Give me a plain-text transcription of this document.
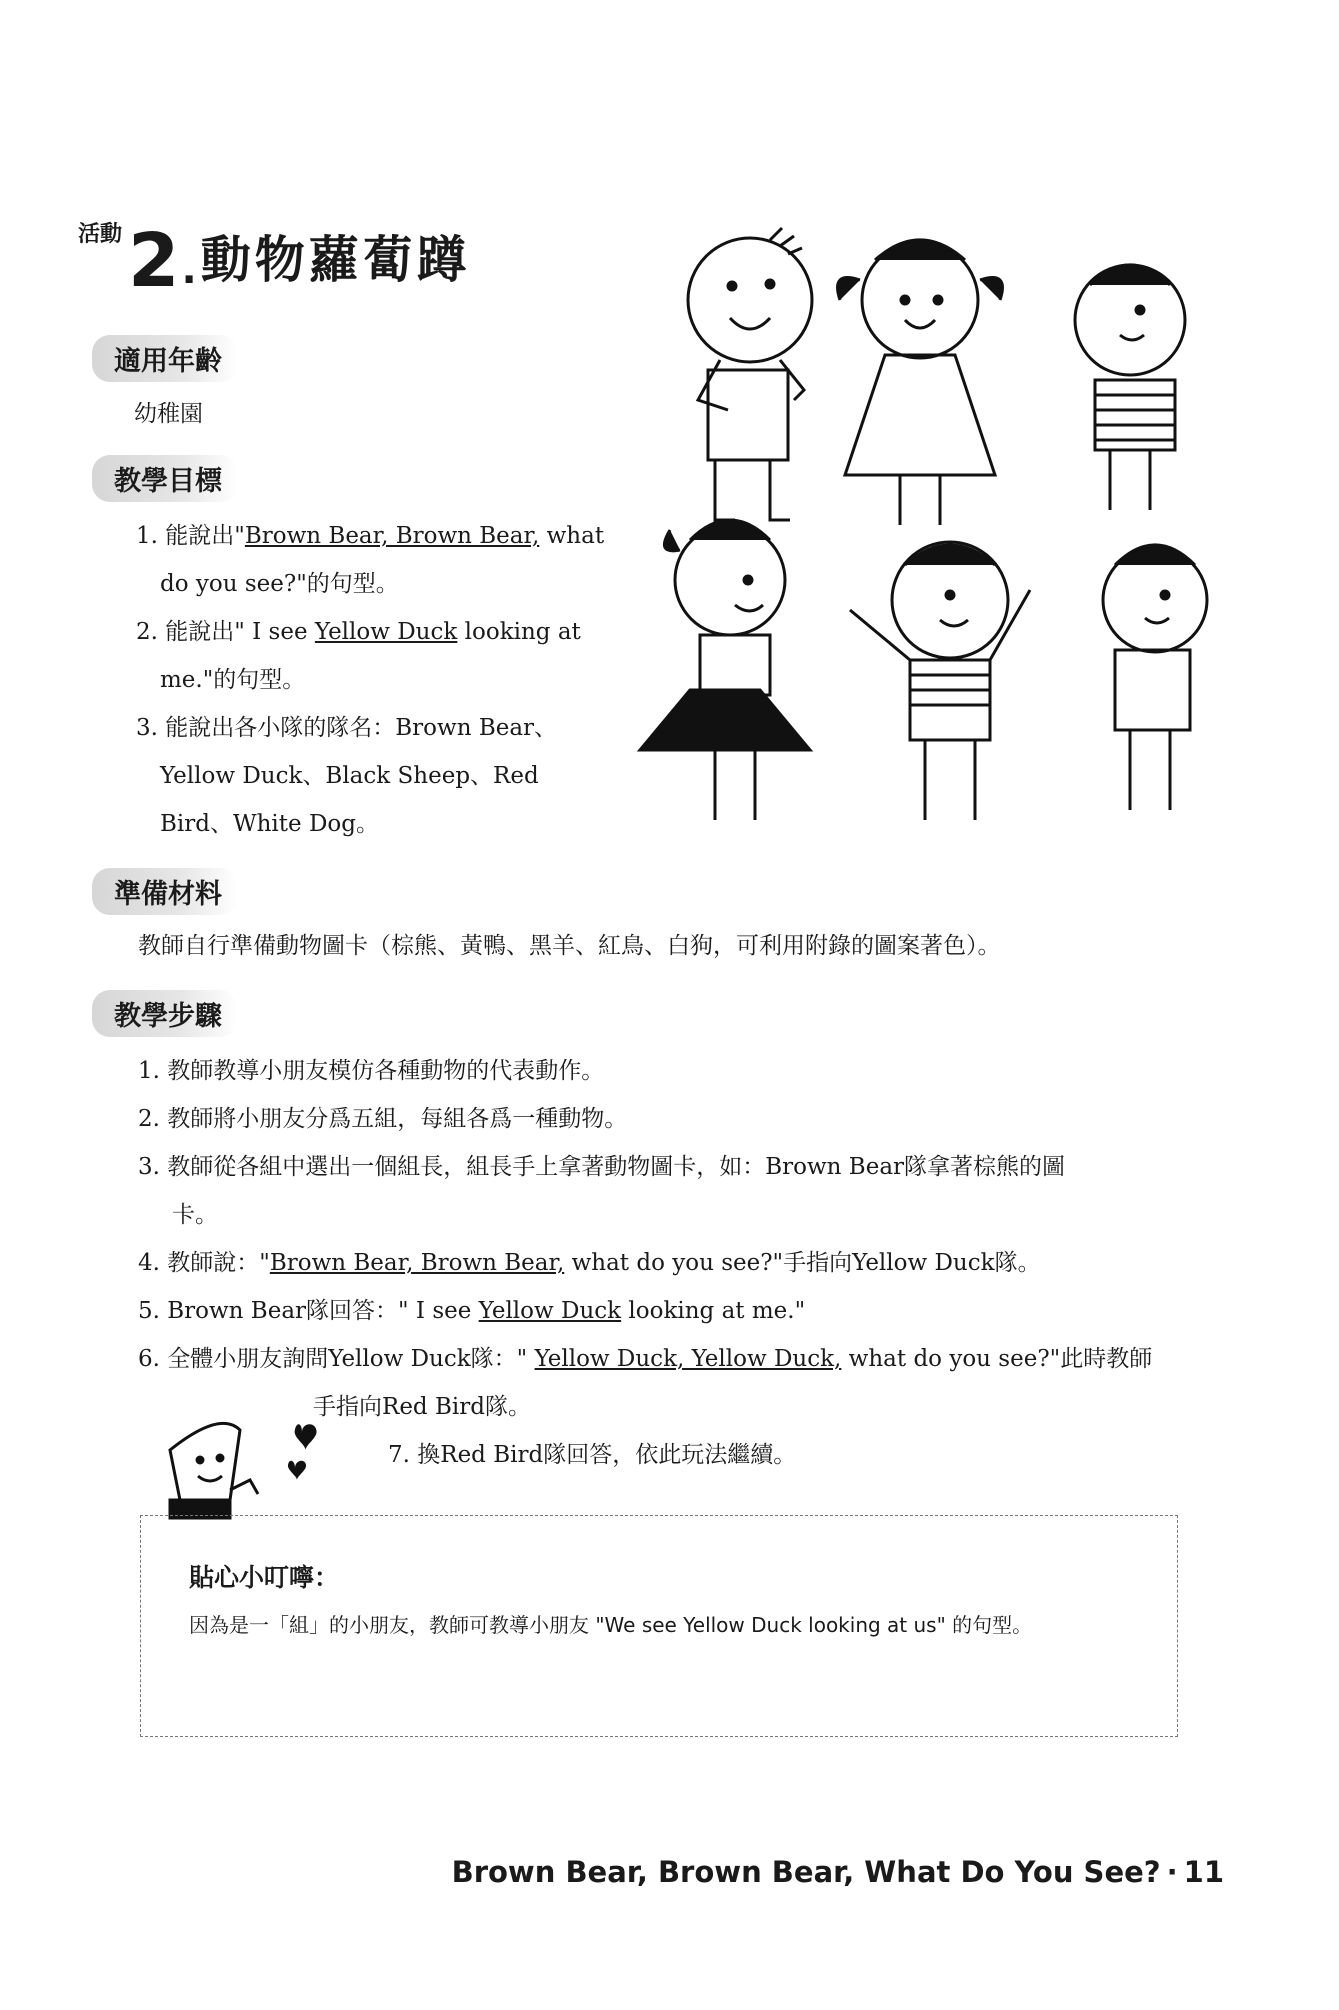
活動 2 . 動物蘿蔔蹲
適用年齡
幼稚園
教學目標
1. 能說出"Brown Bear, Brown Bear, what
do you see?"的句型。
2. 能說出" I see Yellow Duck looking at
me."的句型。
3. 能說出各小隊的隊名：Brown Bear、
Yellow Duck、Black Sheep、Red
Bird、White Dog。
準備材料
教師自行準備動物圖卡（棕熊、黃鴨、黑羊、紅鳥、白狗，可利用附錄的圖案著色）。
教學步驟
1. 教師教導小朋友模仿各種動物的代表動作。
2. 教師將小朋友分爲五組，每組各爲一種動物。
3. 教師從各組中選出一個組長，組長手上拿著動物圖卡，如：Brown Bear隊拿著棕熊的圖
卡。
4. 教師說："Brown Bear, Brown Bear, what do you see?"手指向Yellow Duck隊。
5. Brown Bear隊回答：" I see Yellow Duck looking at me."
6. 全體小朋友詢問Yellow Duck隊：" Yellow Duck, Yellow Duck, what do you see?"此時教師
手指向Red Bird隊。
7. 換Red Bird隊回答，依此玩法繼續。
貼心小叮嚀：
因為是一「組」的小朋友，教師可教導小朋友 "We see Yellow Duck looking at us" 的句型。
Brown Bear, Brown Bear, What Do You See? · 11
